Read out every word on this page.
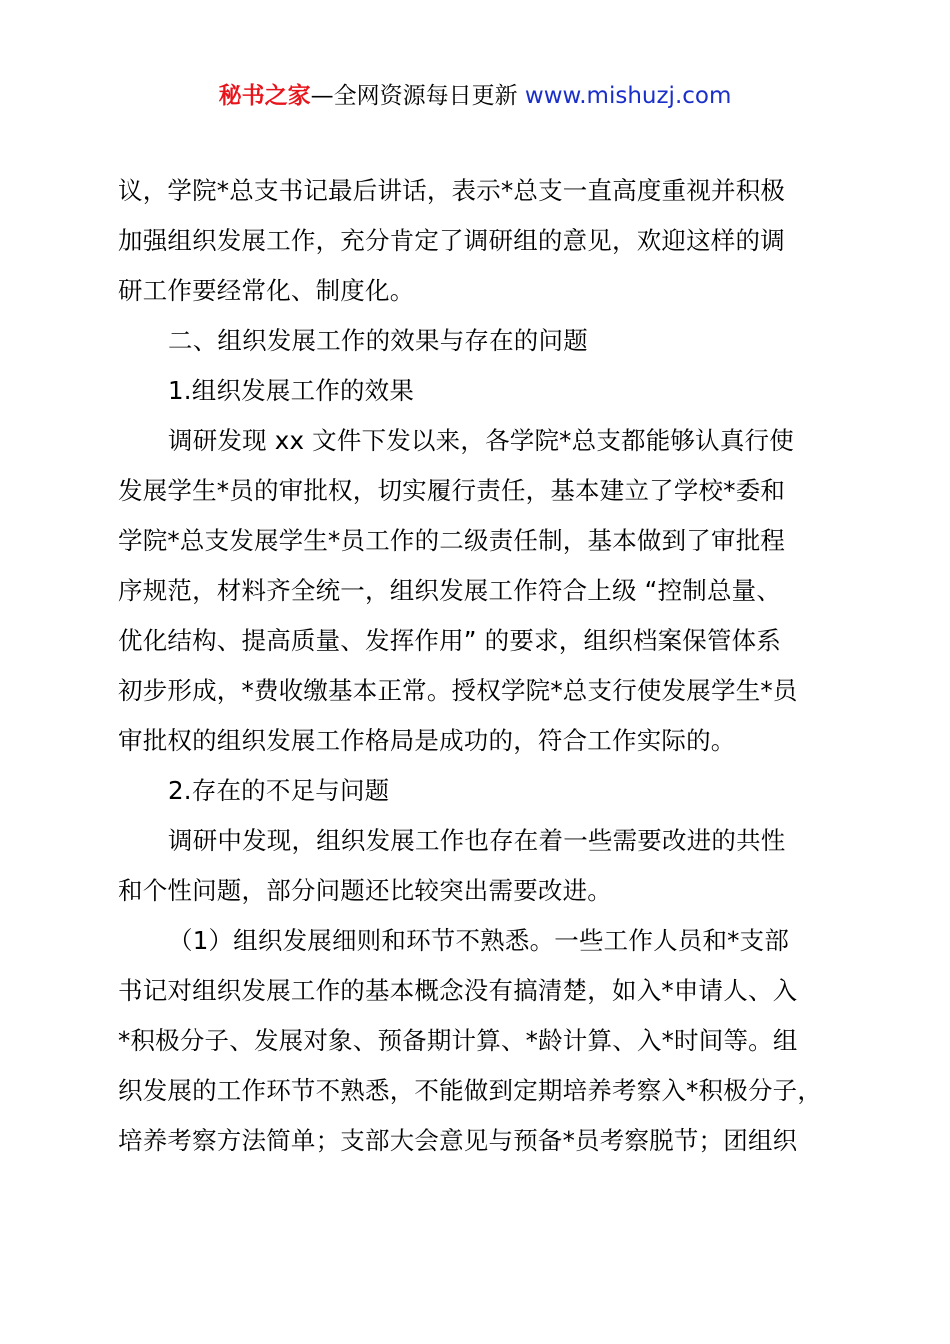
秘书之家—全网资源每日更新 www.mishuzj.com
议，学院*总支书记最后讲话，表示*总支一直高度重视并积极
加强组织发展工作，充分肯定了调研组的意见，欢迎这样的调
研工作要经常化、制度化。
二、组织发展工作的效果与存在的问题
1.组织发展工作的效果
调研发现 xx 文件下发以来，各学院*总支都能够认真行使
发展学生*员的审批权，切实履行责任，基本建立了学校*委和
学院*总支发展学生*员工作的二级责任制，基本做到了审批程
序规范，材料齐全统一，组织发展工作符合上级 “控制总量、
优化结构、提高质量、发挥作用” 的要求，组织档案保管体系
初步形成，*费收缴基本正常。授权学院*总支行使发展学生*员
审批权的组织发展工作格局是成功的，符合工作实际的。
2.存在的不足与问题
调研中发现，组织发展工作也存在着一些需要改进的共性
和个性问题，部分问题还比较突出需要改进。
（1）组织发展细则和环节不熟悉。一些工作人员和*支部
书记对组织发展工作的基本概念没有搞清楚，如入*申请人、入
*积极分子、发展对象、预备期计算、*龄计算、入*时间等。组
织发展的工作环节不熟悉，不能做到定期培养考察入*积极分子，
培养考察方法简单；支部大会意见与预备*员考察脱节；团组织
